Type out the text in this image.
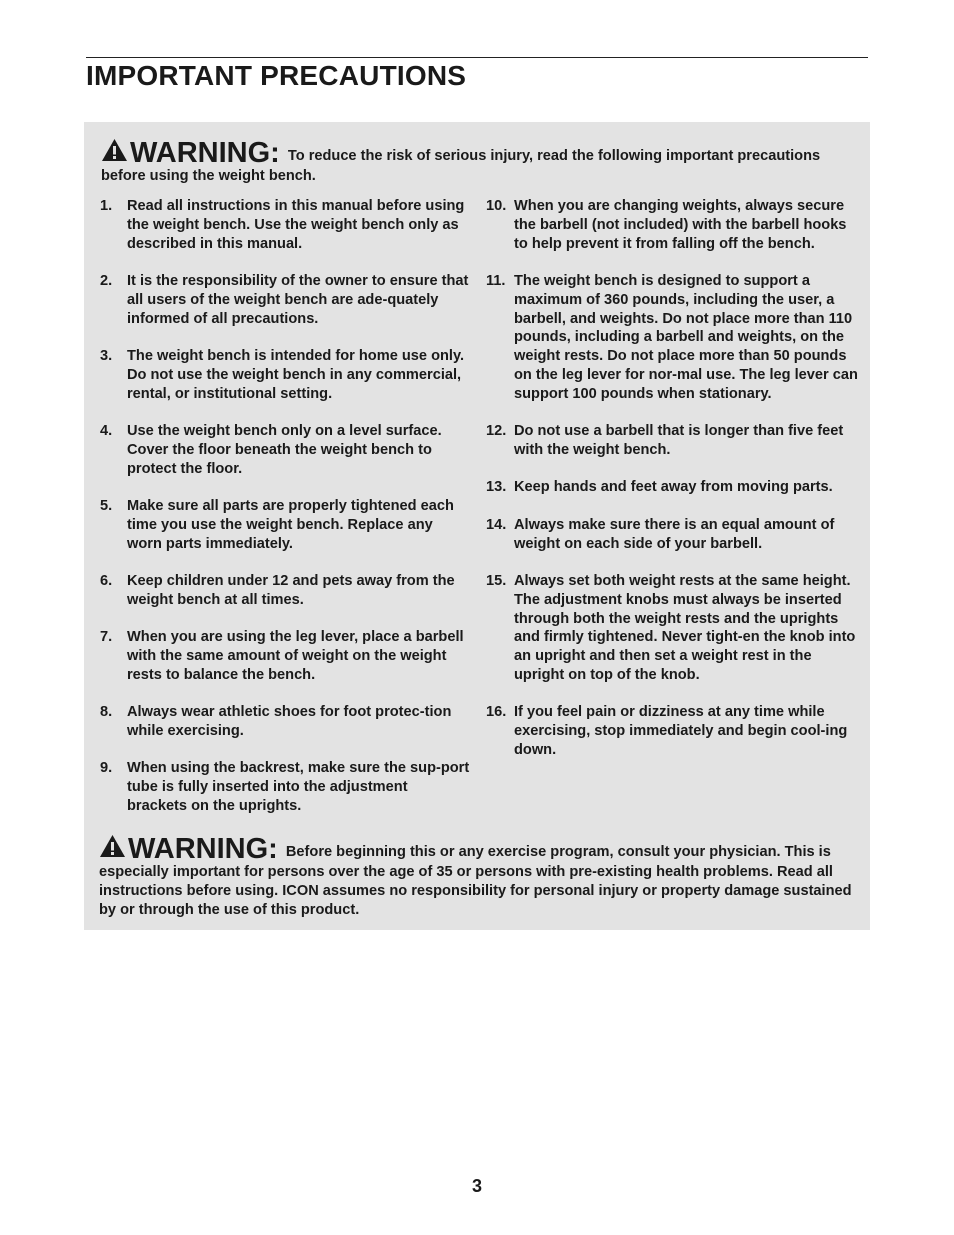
IMPORTANT PRECAUTIONS
WARNING: To reduce the risk of serious injury, read the following important precautions before using the weight bench.
1.	Read all instructions in this manual before using the weight bench. Use the weight bench only as described in this manual.
2.	It is the responsibility of the owner to ensure that all users of the weight bench are ade-quately informed of all precautions.
3.	The weight bench is intended for home use only. Do not use the weight bench in any commercial, rental, or institutional setting.
4.	Use the weight bench only on a level surface. Cover the floor beneath the weight bench to protect the floor.
5.	Make sure all parts are properly tightened each time you use the weight bench. Replace any worn parts immediately.
6.	Keep children under 12 and pets away from the weight bench at all times.
7.	When you are using the leg lever, place a barbell with the same amount of weight on the weight rests to balance the bench.
8.	Always wear athletic shoes for foot protec-tion while exercising.
9.	When using the backrest, make sure the sup-port tube is fully inserted into the adjustment brackets on the uprights.
10. When you are changing weights, always secure the barbell (not included) with the barbell hooks to help prevent it from falling off the bench.
11. The weight bench is designed to support a maximum of 360 pounds, including the user, a barbell, and weights. Do not place more than 110 pounds, including a barbell and weights, on the weight rests. Do not place more than 50 pounds on the leg lever for nor-mal use. The leg lever can support 100 pounds when stationary.
12. Do not use a barbell that is longer than five feet with the weight bench.
13. Keep hands and feet away from moving parts.
14. Always make sure there is an equal amount of weight on each side of your barbell.
15. Always set both weight rests at the same height. The adjustment knobs must always be inserted through both the weight rests and the uprights and firmly tightened. Never tight-en the knob into an upright and then set a weight rest in the upright on top of the knob.
16. If you feel pain or dizziness at any time while exercising, stop immediately and begin cool-ing down.
WARNING: Before beginning this or any exercise program, consult your physician. This is especially important for persons over the age of 35 or persons with pre-existing health problems. Read all instructions before using. ICON assumes no responsibility for personal injury or property damage sustained by or through the use of this product.
3
